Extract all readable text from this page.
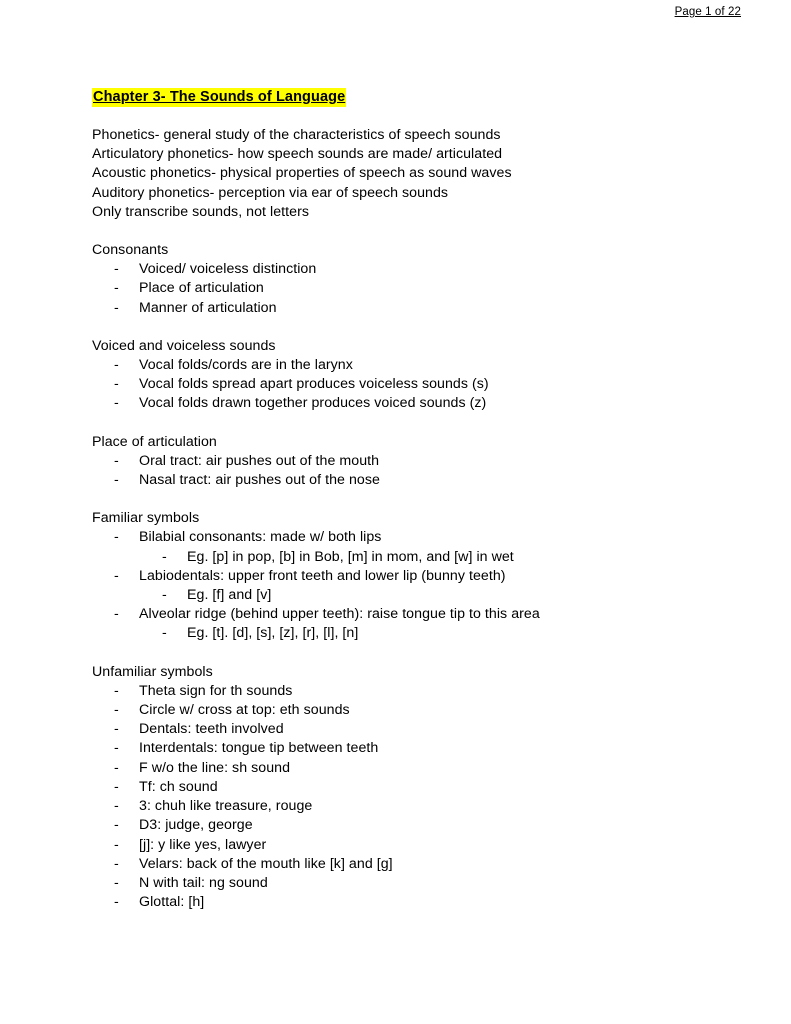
Page 1 of 22
Chapter 3- The Sounds of Language
Phonetics- general study of the characteristics of speech sounds
Articulatory phonetics- how speech sounds are made/ articulated
Acoustic phonetics- physical properties of speech as sound waves
Auditory phonetics- perception via ear of speech sounds
Only transcribe sounds, not letters
Consonants
- Voiced/ voiceless distinction
- Place of articulation
- Manner of articulation
Voiced and voiceless sounds
- Vocal folds/cords are in the larynx
- Vocal folds spread apart produces voiceless sounds (s)
- Vocal folds drawn together produces voiced sounds (z)
Place of articulation
- Oral tract: air pushes out of the mouth
- Nasal tract: air pushes out of the nose
Familiar symbols
- Bilabial consonants: made w/ both lips
- Eg. [p] in pop, [b] in Bob, [m] in mom, and [w] in wet
- Labiodentals: upper front teeth and lower lip (bunny teeth)
- Eg. [f] and [v]
- Alveolar ridge (behind upper teeth): raise tongue tip to this area
- Eg. [t]. [d], [s], [z], [r], [l], [n]
Unfamiliar symbols
- Theta sign for th sounds
- Circle w/ cross at top: eth sounds
- Dentals: teeth involved
- Interdentals: tongue tip between teeth
- F w/o the line: sh sound
- Tf: ch sound
- 3: chuh like treasure, rouge
- D3: judge, george
- [j]: y like yes, lawyer
- Velars: back of the mouth like [k] and [g]
- N with tail: ng sound
- Glottal: [h]
